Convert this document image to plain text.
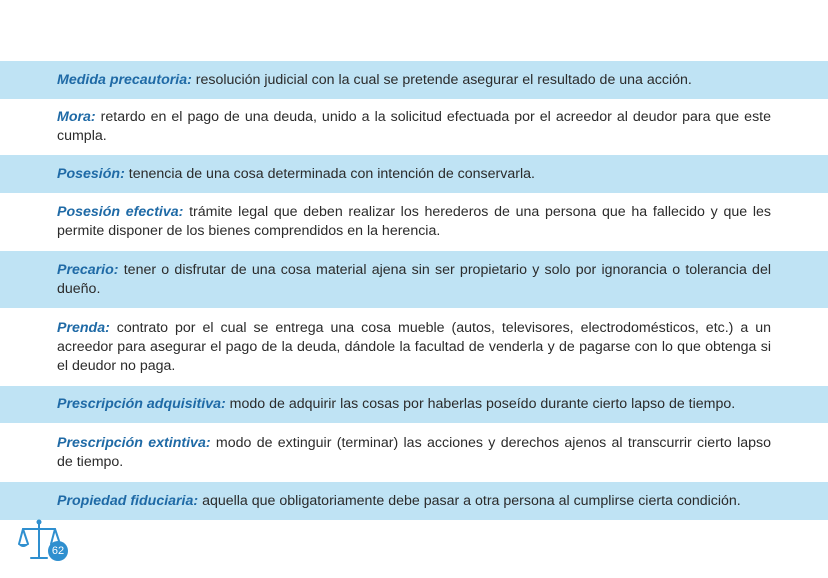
Medida precautoria: resolución judicial con la cual se pretende asegurar el resultado de una acción.
Mora: retardo en el pago de una deuda, unido a la solicitud efectuada por el acreedor al deudor para que este cumpla.
Posesión: tenencia de una cosa determinada con intención de conservarla.
Posesión efectiva: trámite legal que deben realizar los herederos de una persona que ha fallecido y que les permite disponer de los bienes comprendidos en la herencia.
Precario: tener o disfrutar de una cosa material ajena sin ser propietario y solo por ignorancia o tolerancia del dueño.
Prenda: contrato por el cual se entrega una cosa mueble (autos, televisores, electrodomésticos, etc.) a un acreedor para asegurar el pago de la deuda, dándole la facultad de venderla y de pagarse con lo que obtenga si el deudor no paga.
Prescripción adquisitiva: modo de adquirir las cosas por haberlas poseído durante cierto lapso de tiempo.
Prescripción extintiva: modo de extinguir (terminar) las acciones y derechos ajenos al transcurrir cierto lapso de tiempo.
Propiedad fiduciaria: aquella que obligatoriamente debe pasar a otra persona al cumplirse cierta condición.
62
